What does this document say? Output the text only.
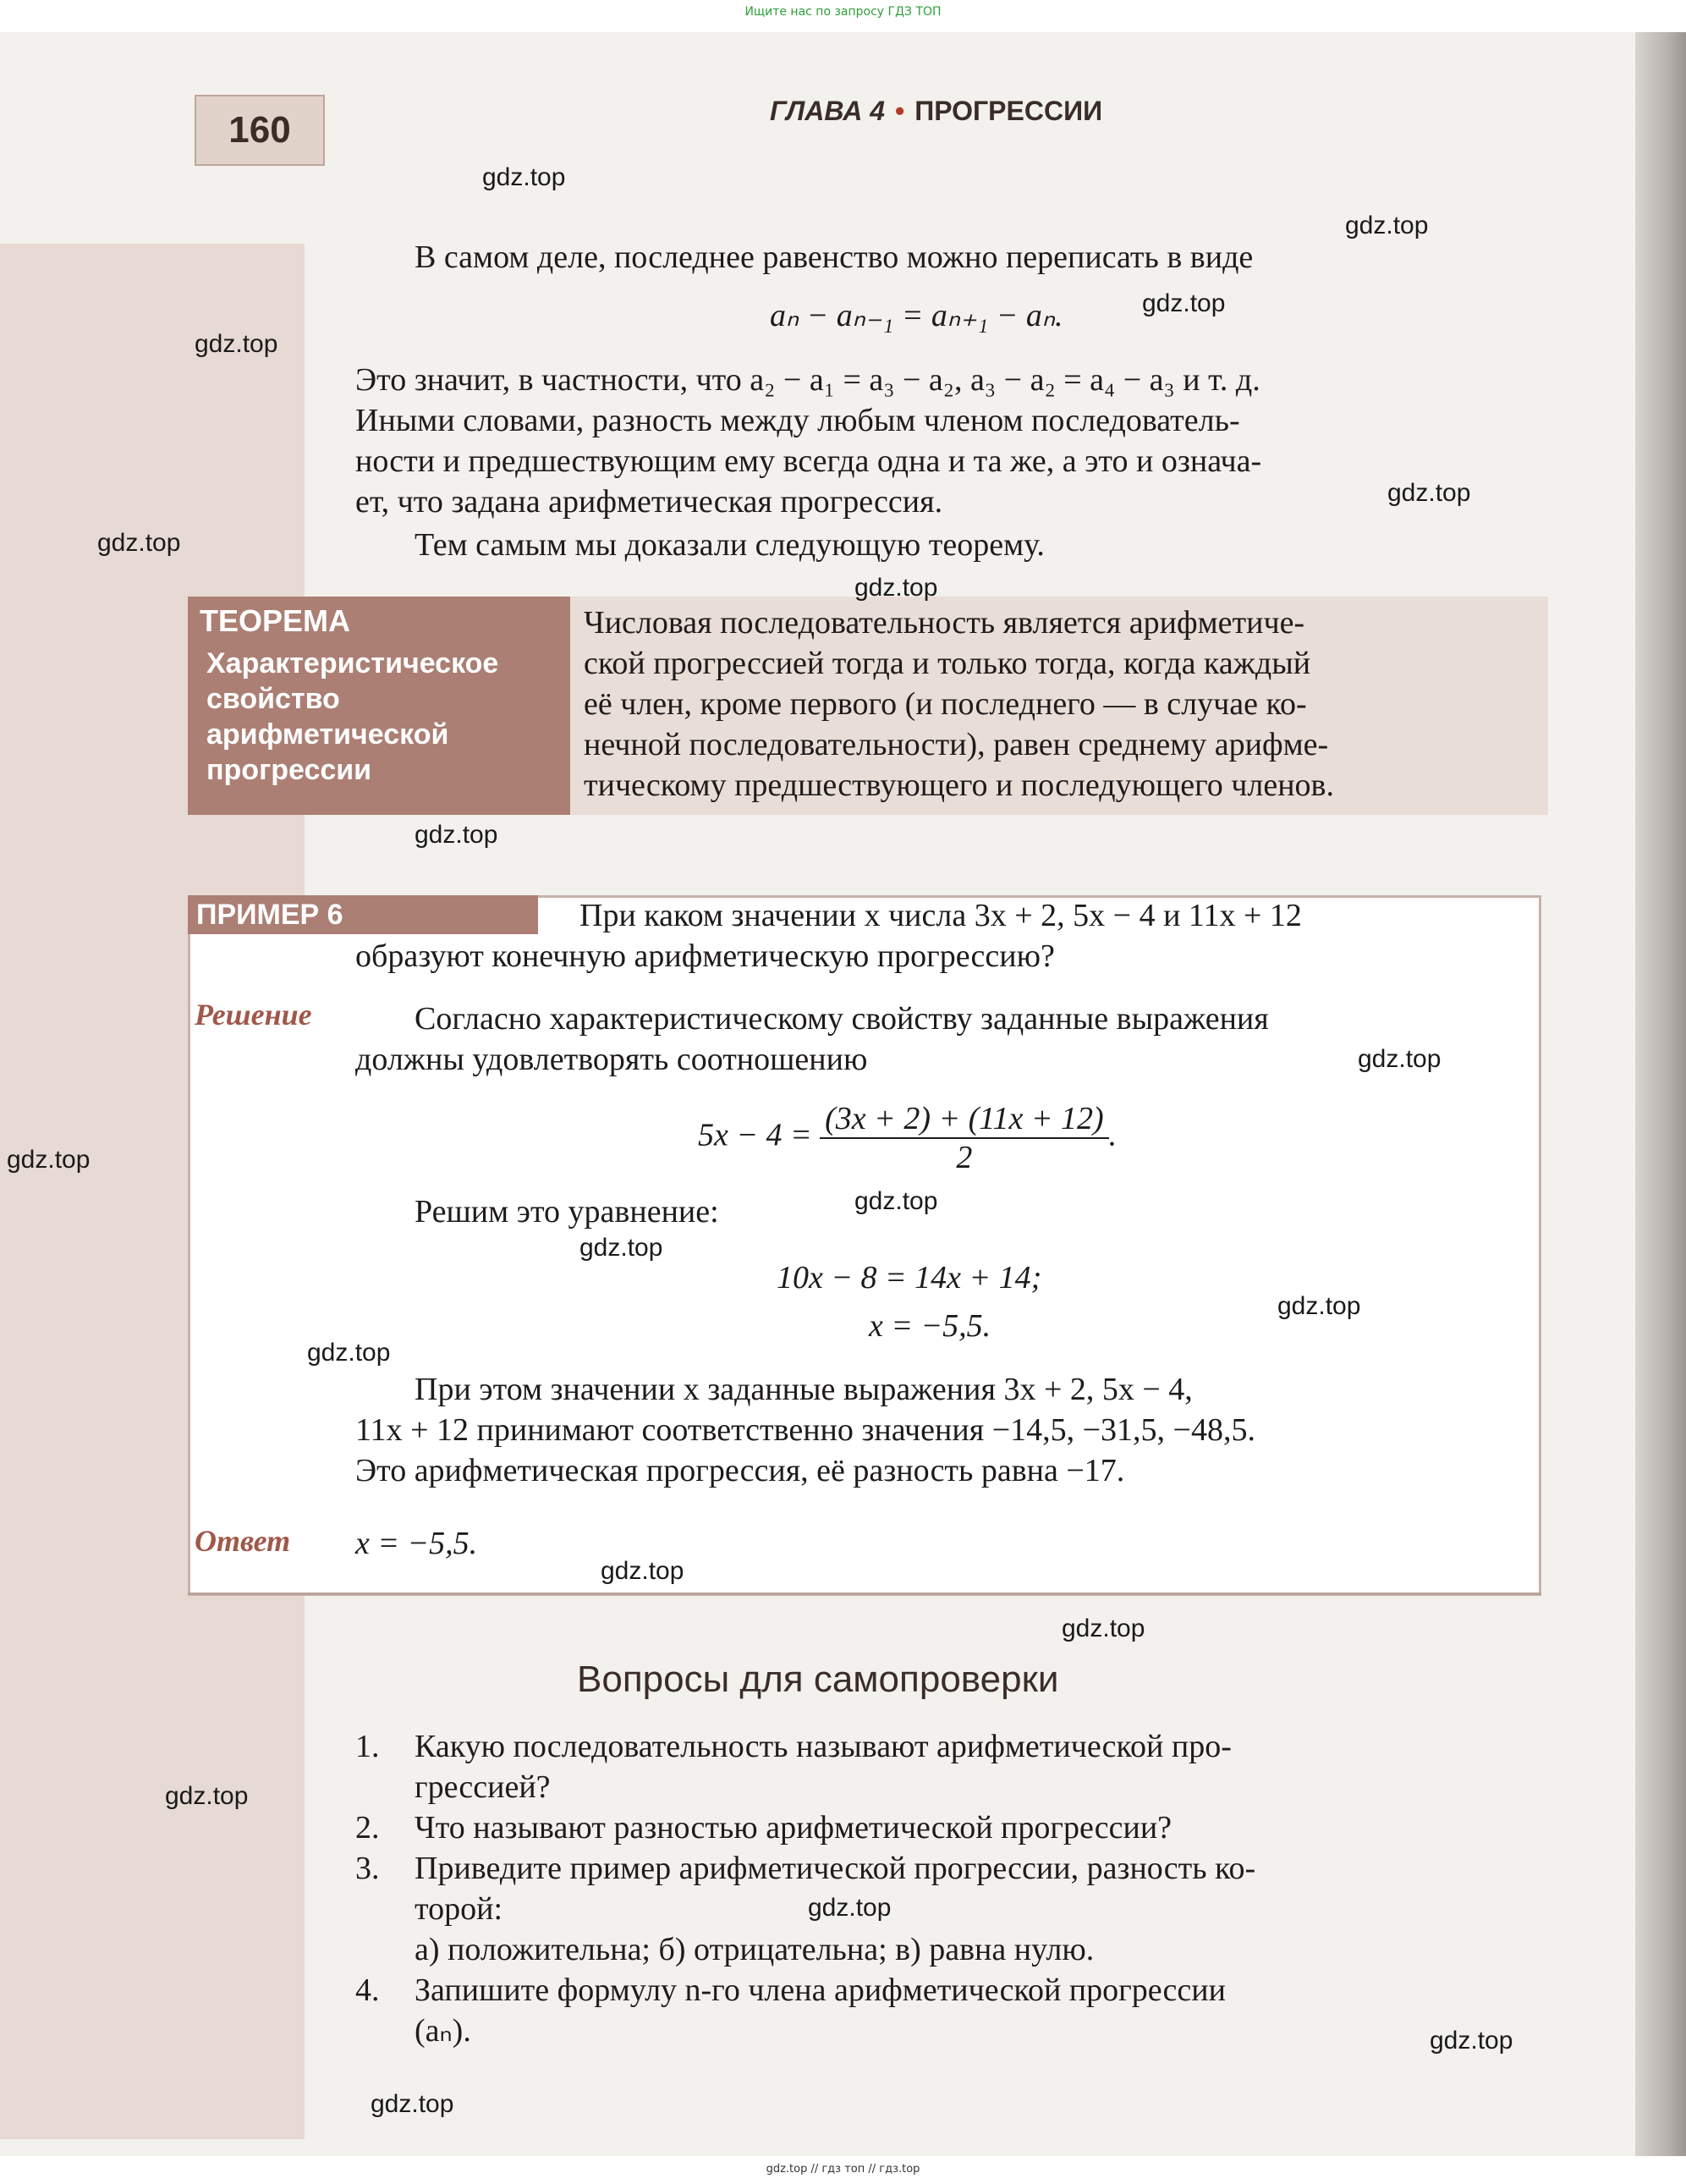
Ищите нас по запросу ГДЗ ТОП
160	ГЛАВА 4 • ПРОГРЕССИИ
В самом деле, последнее равенство можно переписать в виде
aₙ − aₙ₋₁ = aₙ₊₁ − aₙ.
Это значит, в частности, что a₂ − a₁ = a₃ − a₂, a₃ − a₂ = a₄ − a₃ и т. д.
Иными словами, разность между любым членом последователь-
ности и предшествующим ему всегда одна и та же, а это и означа-
ет, что задана арифметическая прогрессия.
Тем самым мы доказали следующую теорему.
ТЕОРЕМА
Характеристическое
свойство
арифметической
прогрессии
Числовая последовательность является арифметиче-
ской прогрессией тогда и только тогда, когда каждый
её член, кроме первого (и последнего — в случае ко-
нечной последовательности), равен среднему арифме-
тическому предшествующего и последующего членов.
ПРИМЕР 6	При каком значении x числа 3x + 2, 5x − 4 и 11x + 12
образуют конечную арифметическую прогрессию?
Решение	Согласно характеристическому свойству заданные выражения
должны удовлетворять соотношению
$5x - 4 = \frac{(3x + 2) + (11x + 12)}{2}$ .
Решим это уравнение:
10x − 8 = 14x + 14;
x = −5,5.
При этом значении x заданные выражения 3x + 2, 5x − 4,
11x + 12 принимают соответственно значения −14,5, −31,5, −48,5.
Это арифметическая прогрессия, её разность равна −17.
Ответ x = −5,5.
Вопросы для самопроверки
1. Какую последовательность называют арифметической про-
грессией?
2. Что называют разностью арифметической прогрессии?
3. Приведите пример арифметической прогрессии, разность ко-
торой:
а) положительна; б) отрицательна; в) равна нулю.
4. Запишите формулу n-го члена арифметической прогрессии
(aₙ).
gdz.top
gdz.top
gdz.top
gdz.top
gdz.top
gdz.top
gdz.top
gdz.top
gdz.top
gdz.top
gdz.top
gdz.top
gdz.top
gdz.top
gdz.top
gdz.top
gdz.top
gdz.top
gdz.top
gdz.top
gdz.top // гдз топ // гдз.top
